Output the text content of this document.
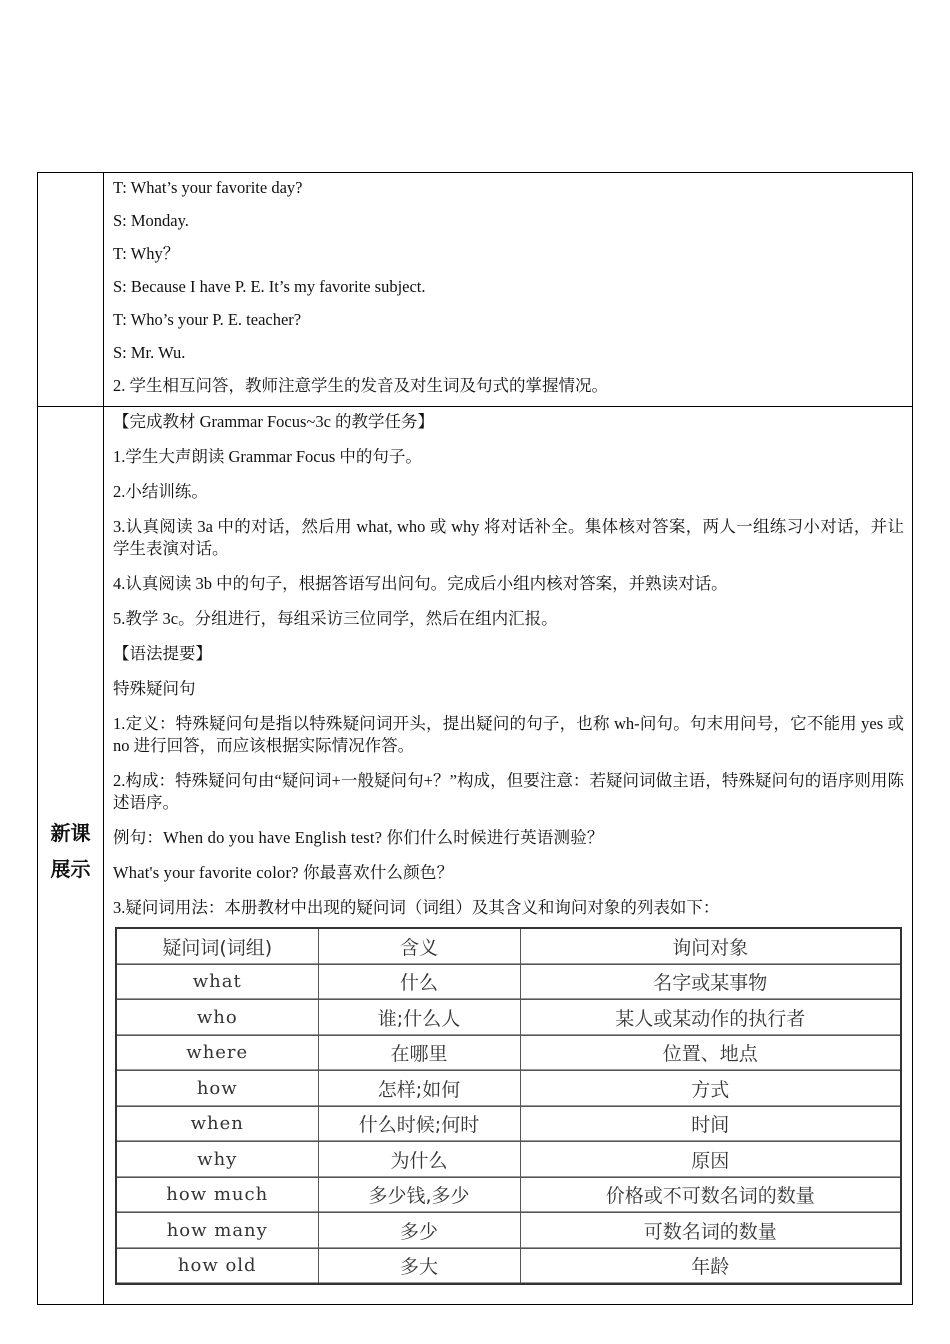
新课
展示

T: What’s your favorite day?

S: Monday.

T: Why？

S: Because I have P. E. It’s my favorite subject.

T: Who’s your P. E. teacher?

S: Mr. Wu.

2. 学生相互问答，教师注意学生的发音及对生词及句式的掌握情况。

【完成教材 Grammar Focus~3c 的教学任务】

1.学生大声朗读 Grammar Focus 中的句子。

2.小结训练。

3.认真阅读 3a 中的对话，然后用 what, who 或 why 将对话补全。集体核对答案，两人一组练习小对话，并让学生表演对话。

4.认真阅读 3b 中的句子，根据答语写出问句。完成后小组内核对答案，并熟读对话。

5.教学 3c。分组进行，每组采访三位同学，然后在组内汇报。

【语法提要】

特殊疑问句

1.定义：特殊疑问句是指以特殊疑问词开头，提出疑问的句子，也称 wh-问句。句末用问号，它不能用 yes 或 no 进行回答，而应该根据实际情况作答。

2.构成：特殊疑问句由“疑问词+一般疑问句+？”构成，但要注意：若疑问词做主语，特殊疑问句的语序则用陈述语序。

例句：When do you have English test? 你们什么时候进行英语测验？

What's your favorite color? 你最喜欢什么颜色？

3.疑问词用法：本册教材中出现的疑问词（词组）及其含义和询问对象的列表如下：

疑问词(词组)	含义	询问对象
what	什么	名字或某事物
who	谁;什么人	某人或某动作的执行者
where	在哪里	位置、地点
how	怎样;如何	方式
when	什么时候;何时	时间
why	为什么	原因
how much	多少钱,多少	价格或不可数名词的数量
how many	多少	可数名词的数量
how old	多大	年龄
